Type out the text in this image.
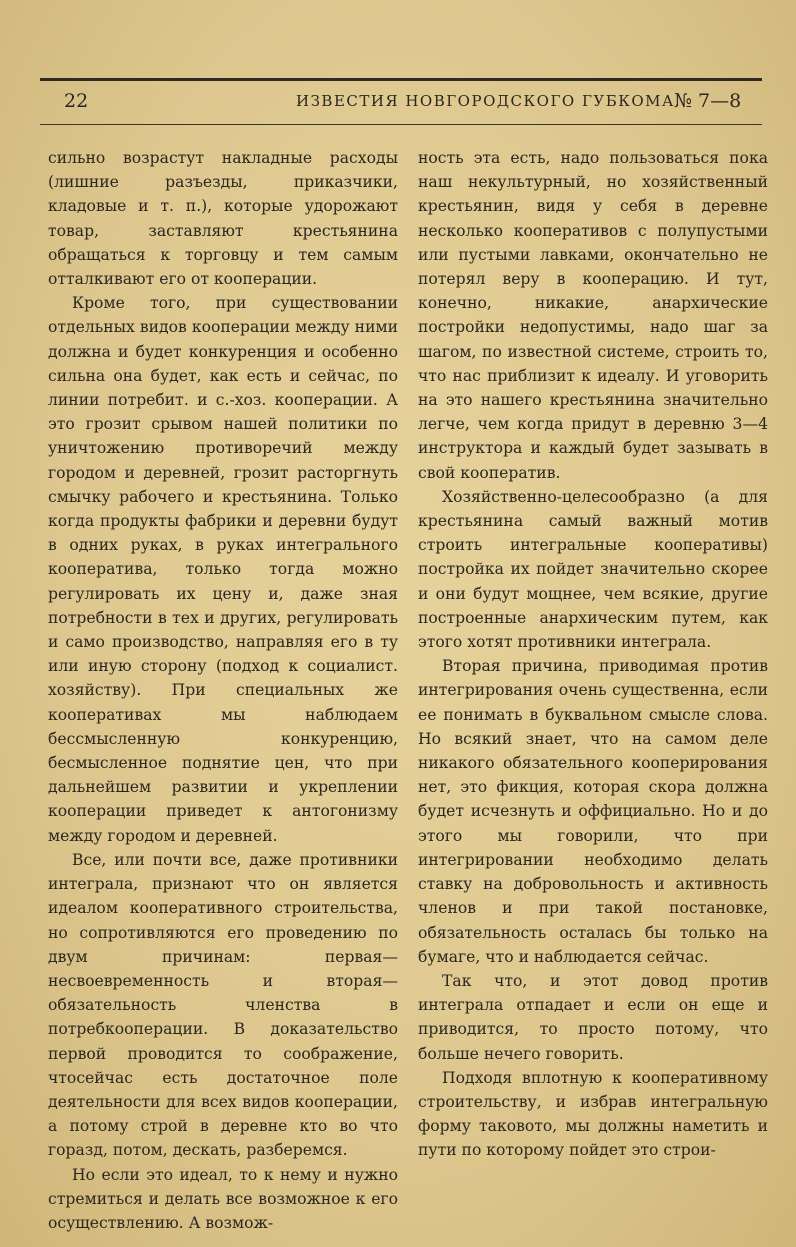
22	ИЗВЕСТИЯ НОВГОРОДСКОГО ГУБКОМА.
№ 7—8

сильно возрастут накладные расходы (лишние разъезды, приказчики, кладовые и т. п.), которые удорожают товар, заставляют крестьянина обращаться к торговцу и тем самым отталкивают его от кооперации.

Кроме того, при существовании отдельных видов кооперации между ними должна и будет конкуренция и особенно сильна она будет, как есть и сейчас, по линии потребит. и с.-хоз. кооперации. А это грозит срывом нашей политики по уничтожению противоречий между городом и деревней, грозит расторгнуть смычку рабочего и крестьянина. Только когда продукты фабрики и деревни будут в одних руках, в руках интегрального кооператива, только тогда можно регулировать их цену и, даже зная потребности в тех и других, регулировать и само производство, направляя его в ту или иную сторону (подход к социалист. хозяйству). При специальных же кооперативах мы наблюдаем бессмысленную конкуренцию, бесмысленное поднятие цен, что при дальнейшем развитии и укреплении кооперации приведет к антогонизму между городом и деревней.

Все, или почти все, даже противники интеграла, признают что он является идеалом кооперативного строительства, но сопротивляются его проведению по двум причинам: первая—несвоевременность и вторая—обязательность членства в потребкооперации. В доказательство первой проводится то соображение, чтосейчас есть достаточное поле деятельности для всех видов кооперации, а потому строй в деревне кто во что горазд, потом, дескать, разберемся.

Но если это идеал, то к нему и нужно стремиться и делать все возможное к его осуществлению. А возмож-

ность эта есть, надо пользоваться пока наш некультурный, но хозяйственный крестьянин, видя у себя в деревне несколько кооперативов с полупустыми или пустыми лавками, окончательно не потерял веру в кооперацию. И тут, конечно, никакие, анархические постройки недопустимы, надо шаг за шагом, по известной системе, строить то, что нас приблизит к идеалу. И уговорить на это нашего крестьянина значительно легче, чем когда придут в деревню 3—4 инструктора и каждый будет зазывать в свой кооператив.

Хозяйственно-целесообразно (а для крестьянина самый важный мотив строить интегральные кооперативы) постройка их пойдет значительно скорее и они будут мощнее, чем всякие, другие построенные анархическим путем, как этого хотят противники интеграла.

Вторая причина, приводимая против интегрирования очень существенна, если ее понимать в буквальном смысле слова. Но всякий знает, что на самом деле никакого обязательного кооперирования нет, это фикция, которая скора должна будет исчезнуть и оффициально. Но и до этого мы говорили, что при интегрировании необходимо делать ставку на добровольность и активность членов и при такой постановке, обязательность осталась бы только на бумаге, что и наблюдается сейчас.

Так что, и этот довод против интеграла отпадает и если он еще и приводится, то просто потому, что больше нечего говорить.

Подходя вплотную к кооперативному строительству, и избрав интегральную форму таковото, мы должны наметить и пути по которому пойдет это строи-
